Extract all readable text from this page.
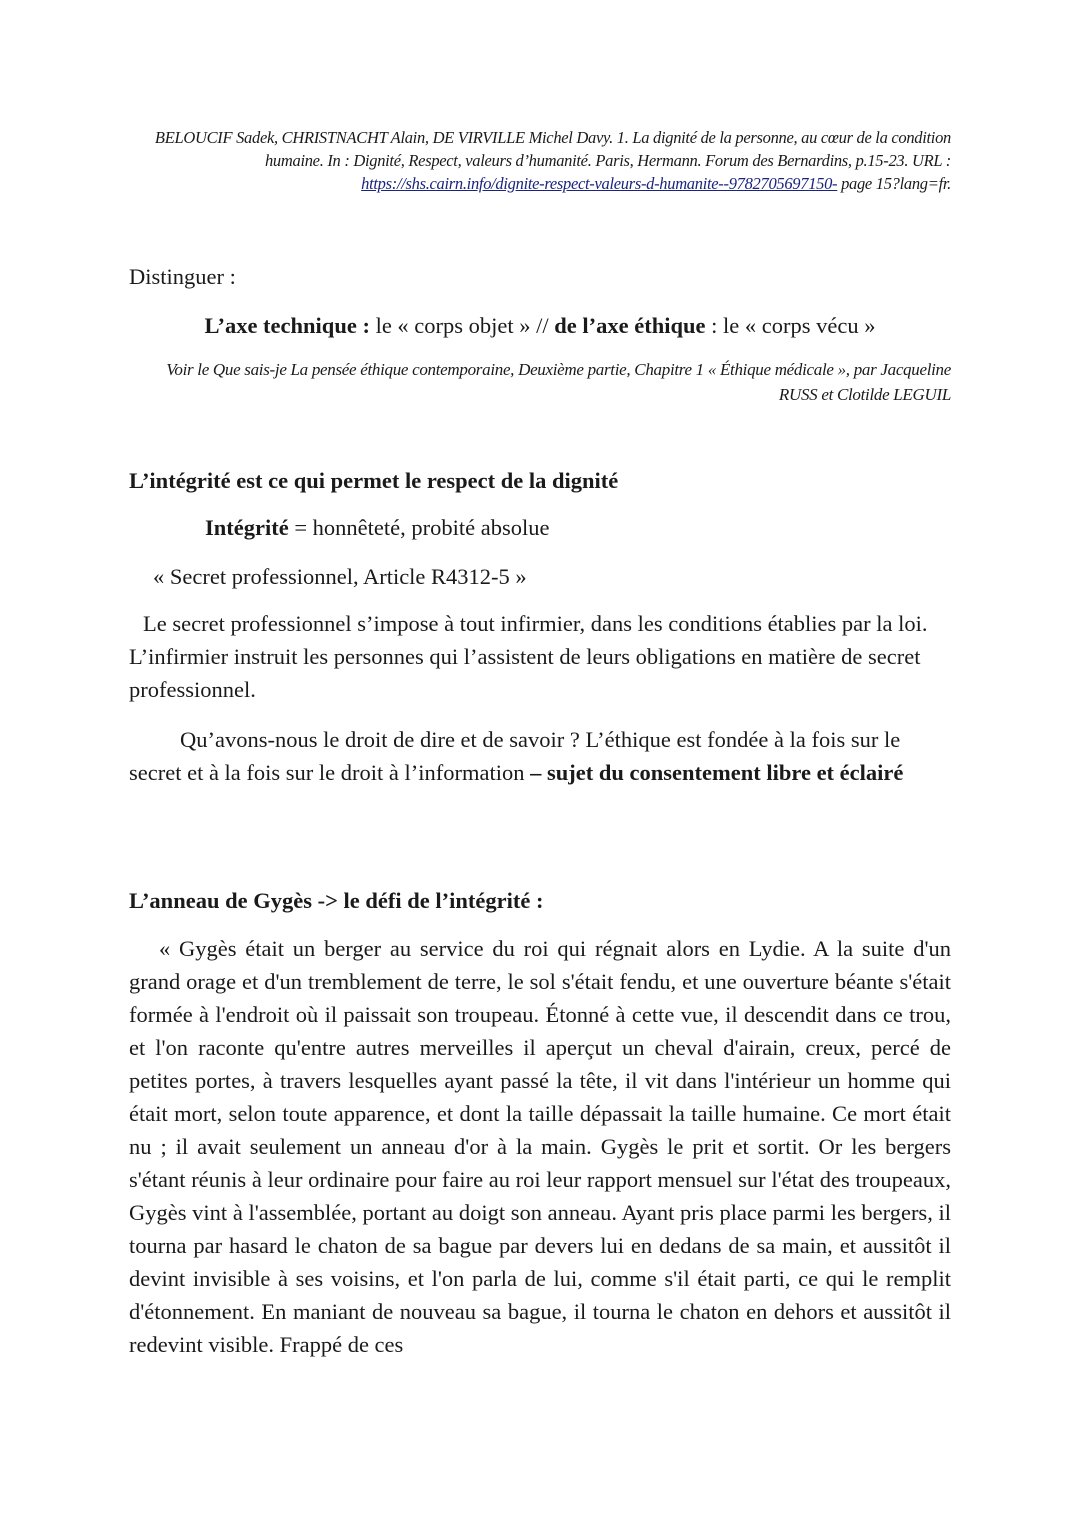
BELOUCIF Sadek, CHRISTNACHT Alain, DE VIRVILLE Michel Davy. 1. La dignité de la personne, au cœur de la condition humaine. In : Dignité, Respect, valeurs d’humanité. Paris, Hermann. Forum des Bernardins, p.15-23. URL : https://shs.cairn.info/dignite-respect-valeurs-d-humanite--9782705697150- page 15?lang=fr.
Distinguer :
L’axe technique : le « corps objet » // de l’axe éthique : le « corps vécu »
Voir le Que sais-je La pensée éthique contemporaine, Deuxième partie, Chapitre 1 « Éthique médicale », par Jacqueline RUSS et Clotilde LEGUIL
L’intégrité est ce qui permet le respect de la dignité
Intégrité = honnêteté, probité absolue
« Secret professionnel, Article R4312-5 »
Le secret professionnel s’impose à tout infirmier, dans les conditions établies par la loi. L’infirmier instruit les personnes qui l’assistent de leurs obligations en matière de secret professionnel.
Qu’avons-nous le droit de dire et de savoir ? L’éthique est fondée à la fois sur le secret et à la fois sur le droit à l’information – sujet du consentement libre et éclairé
L’anneau de Gygès -> le défi de l’intégrité :
« Gygès était un berger au service du roi qui régnait alors en Lydie. A la suite d'un grand orage et d'un tremblement de terre, le sol s'était fendu, et une ouverture béante s'était formée à l'endroit où il paissait son troupeau. Étonné à cette vue, il descendit dans ce trou, et l'on raconte qu'entre autres merveilles il aperçut un cheval d'airain, creux, percé de petites portes, à travers lesquelles ayant passé la tête, il vit dans l'intérieur un homme qui était mort, selon toute apparence, et dont la taille dépassait la taille humaine. Ce mort était nu ; il avait seulement un anneau d'or à la main. Gygès le prit et sortit. Or les bergers s'étant réunis à leur ordinaire pour faire au roi leur rapport mensuel sur l'état des troupeaux, Gygès vint à l'assemblée, portant au doigt son anneau. Ayant pris place parmi les bergers, il tourna par hasard le chaton de sa bague par devers lui en dedans de sa main, et aussitôt il devint invisible à ses voisins, et l'on parla de lui, comme s'il était parti, ce qui le remplit d'étonnement. En maniant de nouveau sa bague, il tourna le chaton en dehors et aussitôt il redevint visible. Frappé de ces
